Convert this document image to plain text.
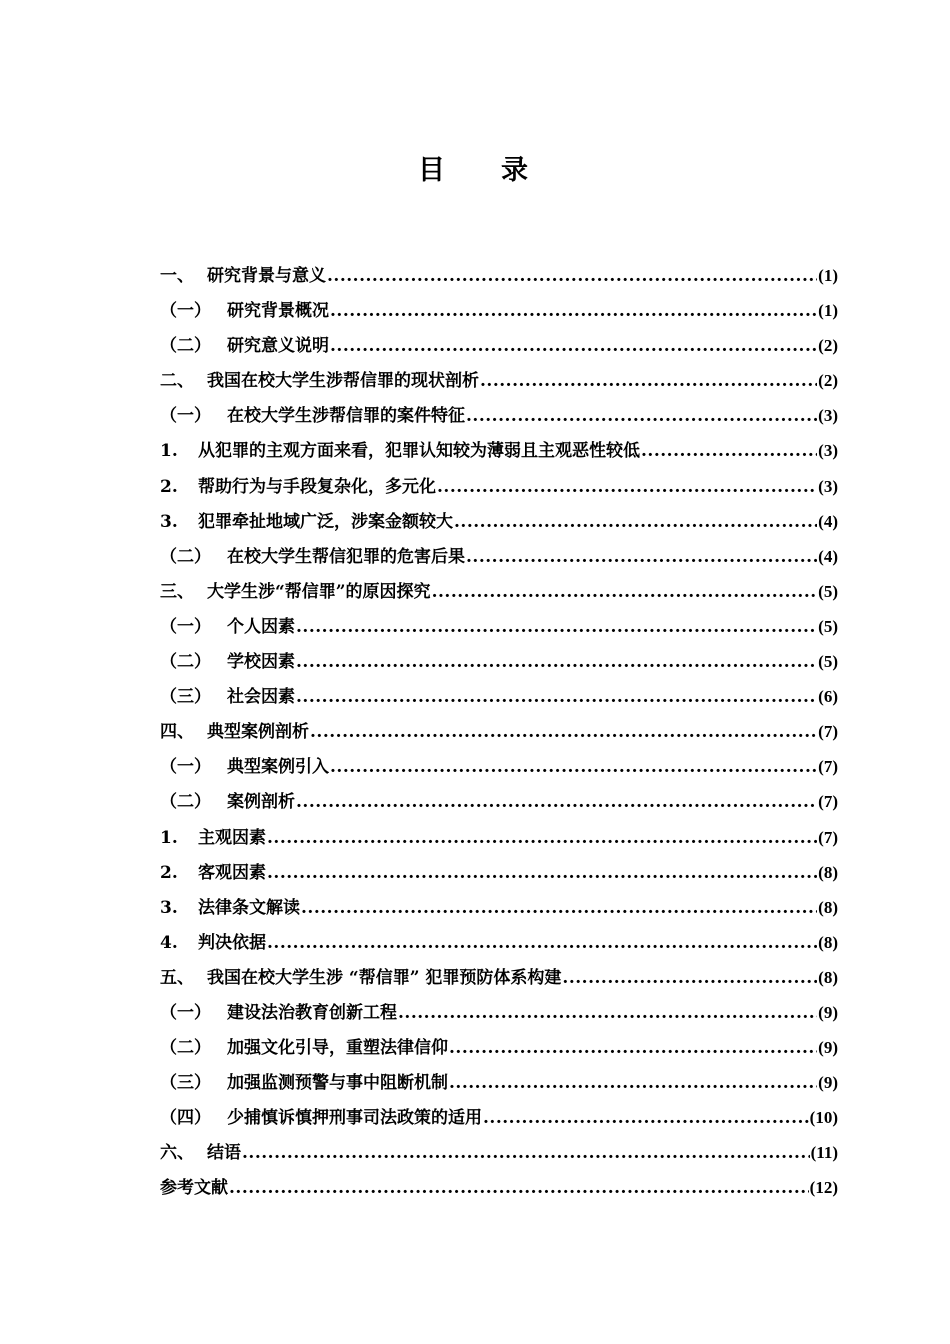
目 录
一、 研究背景与意义 .....	(1)
（一） 研究背景概况 .....	(1)
（二） 研究意义说明 .....	(2)
二、 我国在校大学生涉帮信罪的现状剖析 .....	(2)
（一） 在校大学生涉帮信罪的案件特征 .....	(3)
1.	从犯罪的主观方面来看，犯罪认知较为薄弱且主观恶性较低 .....	(3)
2.	帮助行为与手段复杂化，多元化 .....	(3)
3.	犯罪牵扯地域广泛，涉案金额较大 .....	(4)
（二） 在校大学生帮信犯罪的危害后果 .....	(4)
三、 大学生涉“帮信罪”的原因探究 .....	(5)
（一） 个人因素 .....	(5)
（二） 学校因素 .....	(5)
（三） 社会因素 .....	(6)
四、 典型案例剖析 .....	(7)
（一） 典型案例引入 .....	(7)
（二） 案例剖析 .....	(7)
1.	主观因素 .....	(7)
2.	客观因素 .....	(8)
3.	法律条文解读 .....	(8)
4.	判决依据 .....	(8)
五、 我国在校大学生涉 “帮信罪” 犯罪预防体系构建 .....	(8)
（一） 建设法治教育创新工程 .....	(9)
（二） 加强文化引导，重塑法律信仰 .....	(9)
（三） 加强监测预警与事中阻断机制 .....	(9)
（四） 少捕慎诉慎押刑事司法政策的适用 .....	(10)
六、 结语 .....	(11)
参考文献 .....	(12)
